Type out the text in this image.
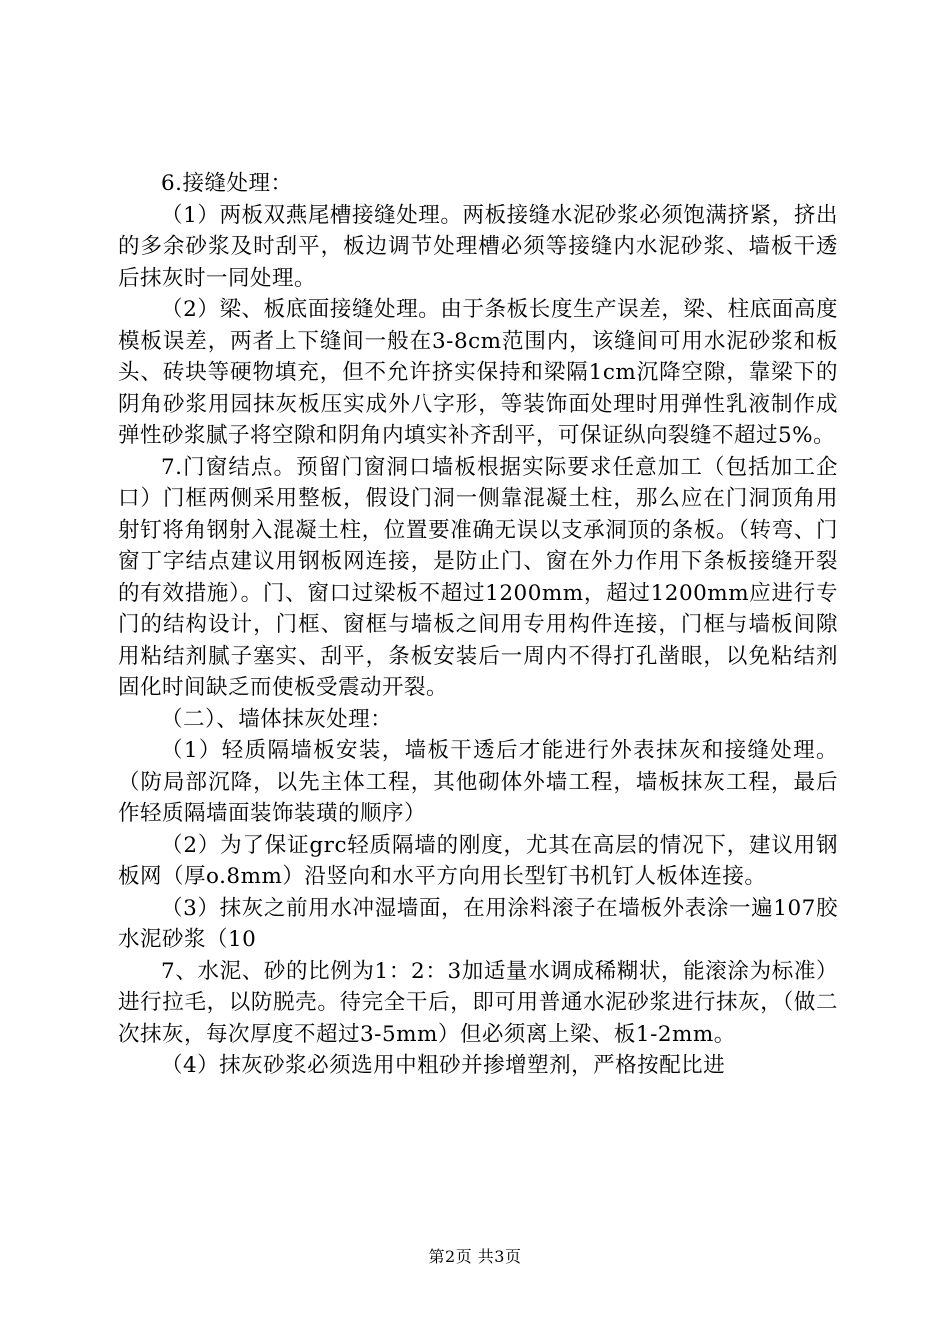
6.接缝处理：

（1）两板双燕尾槽接缝处理。两板接缝水泥砂浆必须饱满挤紧，挤出的多余砂浆及时刮平，板边调节处理槽必须等接缝内水泥砂浆、墙板干透后抹灰时一同处理。

（2）梁、板底面接缝处理。由于条板长度生产误差，梁、柱底面高度模板误差，两者上下缝间一般在3-8cm范围内，该缝间可用水泥砂浆和板头、砖块等硬物填充，但不允许挤实保持和梁隔1cm沉降空隙，靠梁下的阴角砂浆用园抹灰板压实成外八字形，等装饰面处理时用弹性乳液制作成弹性砂浆腻子将空隙和阴角内填实补齐刮平，可保证纵向裂缝不超过5%。

7.门窗结点。预留门窗洞口墙板根据实际要求任意加工（包括加工企口）门框两侧采用整板，假设门洞一侧靠混凝土柱，那么应在门洞顶角用射钉将角钢射入混凝土柱，位置要准确无误以支承洞顶的条板。（转弯、门窗丁字结点建议用钢板网连接，是防止门、窗在外力作用下条板接缝开裂的有效措施）。门、窗口过梁板不超过1200mm，超过1200mm应进行专门的结构设计，门框、窗框与墙板之间用专用构件连接，门框与墙板间隙用粘结剂腻子塞实、刮平，条板安装后一周内不得打孔凿眼，以免粘结剂固化时间缺乏而使板受震动开裂。

（二）、墙体抹灰处理：

（1）轻质隔墙板安装，墙板干透后才能进行外表抹灰和接缝处理。（防局部沉降，以先主体工程，其他砌体外墙工程，墙板抹灰工程，最后作轻质隔墙面装饰装璜的顺序）

（2）为了保证grc轻质隔墙的刚度，尤其在高层的情况下，建议用钢板网（厚o.8mm）沿竖向和水平方向用长型钉书机钉人板体连接。

（3）抹灰之前用水冲湿墙面，在用涂料滚子在墙板外表涂一遍107胶水泥砂浆（10

7、水泥、砂的比例为1：2：3加适量水调成稀糊状，能滚涂为标准）进行拉毛，以防脱壳。待完全干后，即可用普通水泥砂浆进行抹灰，（做二次抹灰，每次厚度不超过3-5mm）但必须离上梁、板1-2mm。

（4）抹灰砂浆必须选用中粗砂并掺增塑剂，严格按配比进

第2页 共3页
